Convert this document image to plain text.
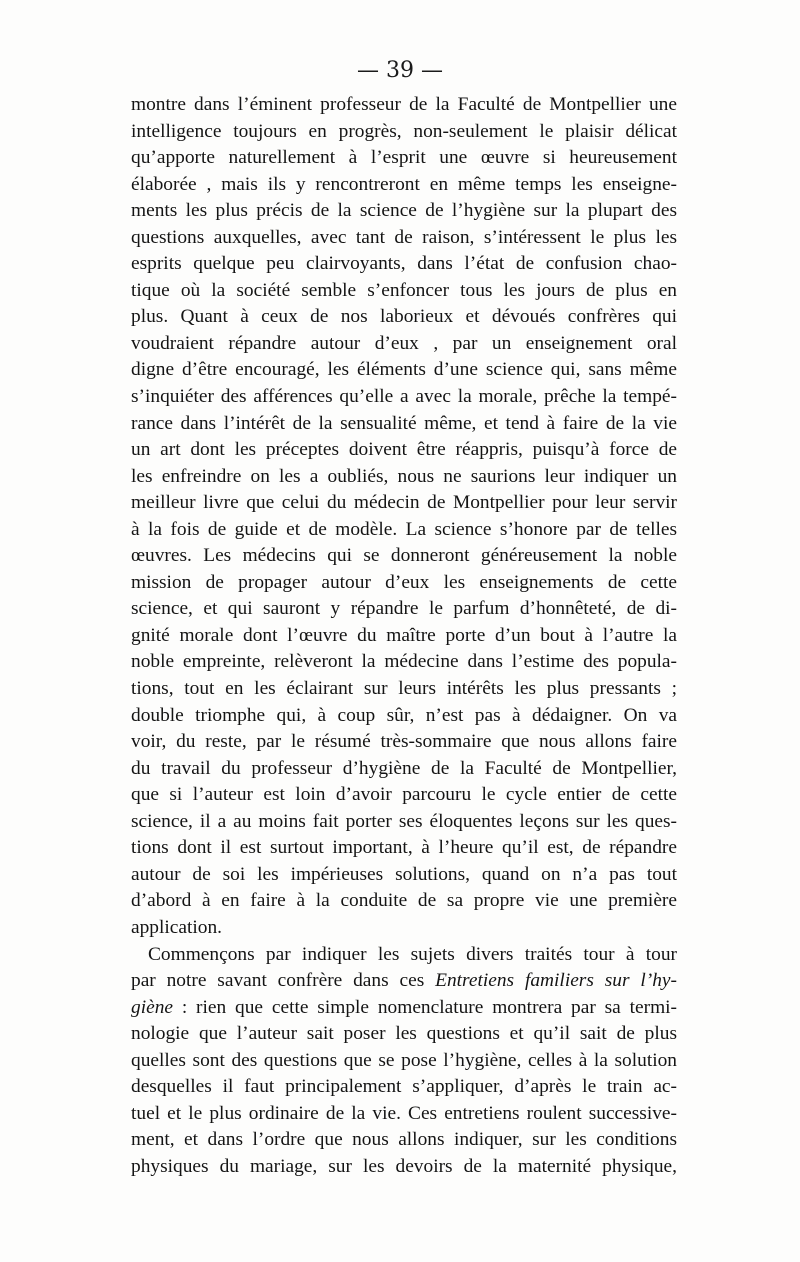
— 39 —
montre dans l’éminent professeur de la Faculté de Montpellier une
intelligence toujours en progrès, non-seulement le plaisir délicat
qu’apporte naturellement à l’esprit une œuvre si heureusement
élaborée , mais ils y rencontreront en même temps les enseigne-
ments les plus précis de la science de l’hygiène sur la plupart des
questions auxquelles, avec tant de raison, s’intéressent le plus les
esprits quelque peu clairvoyants, dans l’état de confusion chao-
tique où la société semble s’enfoncer tous les jours de plus en
plus. Quant à ceux de nos laborieux et dévoués confrères qui
voudraient répandre autour d’eux , par un enseignement oral
digne d’être encouragé, les éléments d’une science qui, sans même
s’inquiéter des afférences qu’elle a avec la morale, prêche la tempé-
rance dans l’intérêt de la sensualité même, et tend à faire de la vie
un art dont les préceptes doivent être réappris, puisqu’à force de
les enfreindre on les a oubliés, nous ne saurions leur indiquer un
meilleur livre que celui du médecin de Montpellier pour leur servir
à la fois de guide et de modèle. La science s’honore par de telles
œuvres. Les médecins qui se donneront généreusement la noble
mission de propager autour d’eux les enseignements de cette
science, et qui sauront y répandre le parfum d’honnêteté, de di-
gnité morale dont l’œuvre du maître porte d’un bout à l’autre la
noble empreinte, relèveront la médecine dans l’estime des popula-
tions, tout en les éclairant sur leurs intérêts les plus pressants ;
double triomphe qui, à coup sûr, n’est pas à dédaigner. On va
voir, du reste, par le résumé très-sommaire que nous allons faire
du travail du professeur d’hygiène de la Faculté de Montpellier,
que si l’auteur est loin d’avoir parcouru le cycle entier de cette
science, il a au moins fait porter ses éloquentes leçons sur les ques-
tions dont il est surtout important, à l’heure qu’il est, de répandre
autour de soi les impérieuses solutions, quand on n’a pas tout
d’abord à en faire à la conduite de sa propre vie une première
application.
Commençons par indiquer les sujets divers traités tour à tour
par notre savant confrère dans ces Entretiens familiers sur l’hy-
giène : rien que cette simple nomenclature montrera par sa termi-
nologie que l’auteur sait poser les questions et qu’il sait de plus
quelles sont des questions que se pose l’hygiène, celles à la solution
desquelles il faut principalement s’appliquer, d’après le train ac-
tuel et le plus ordinaire de la vie. Ces entretiens roulent successive-
ment, et dans l’ordre que nous allons indiquer, sur les conditions
physiques du mariage, sur les devoirs de la maternité physique,
